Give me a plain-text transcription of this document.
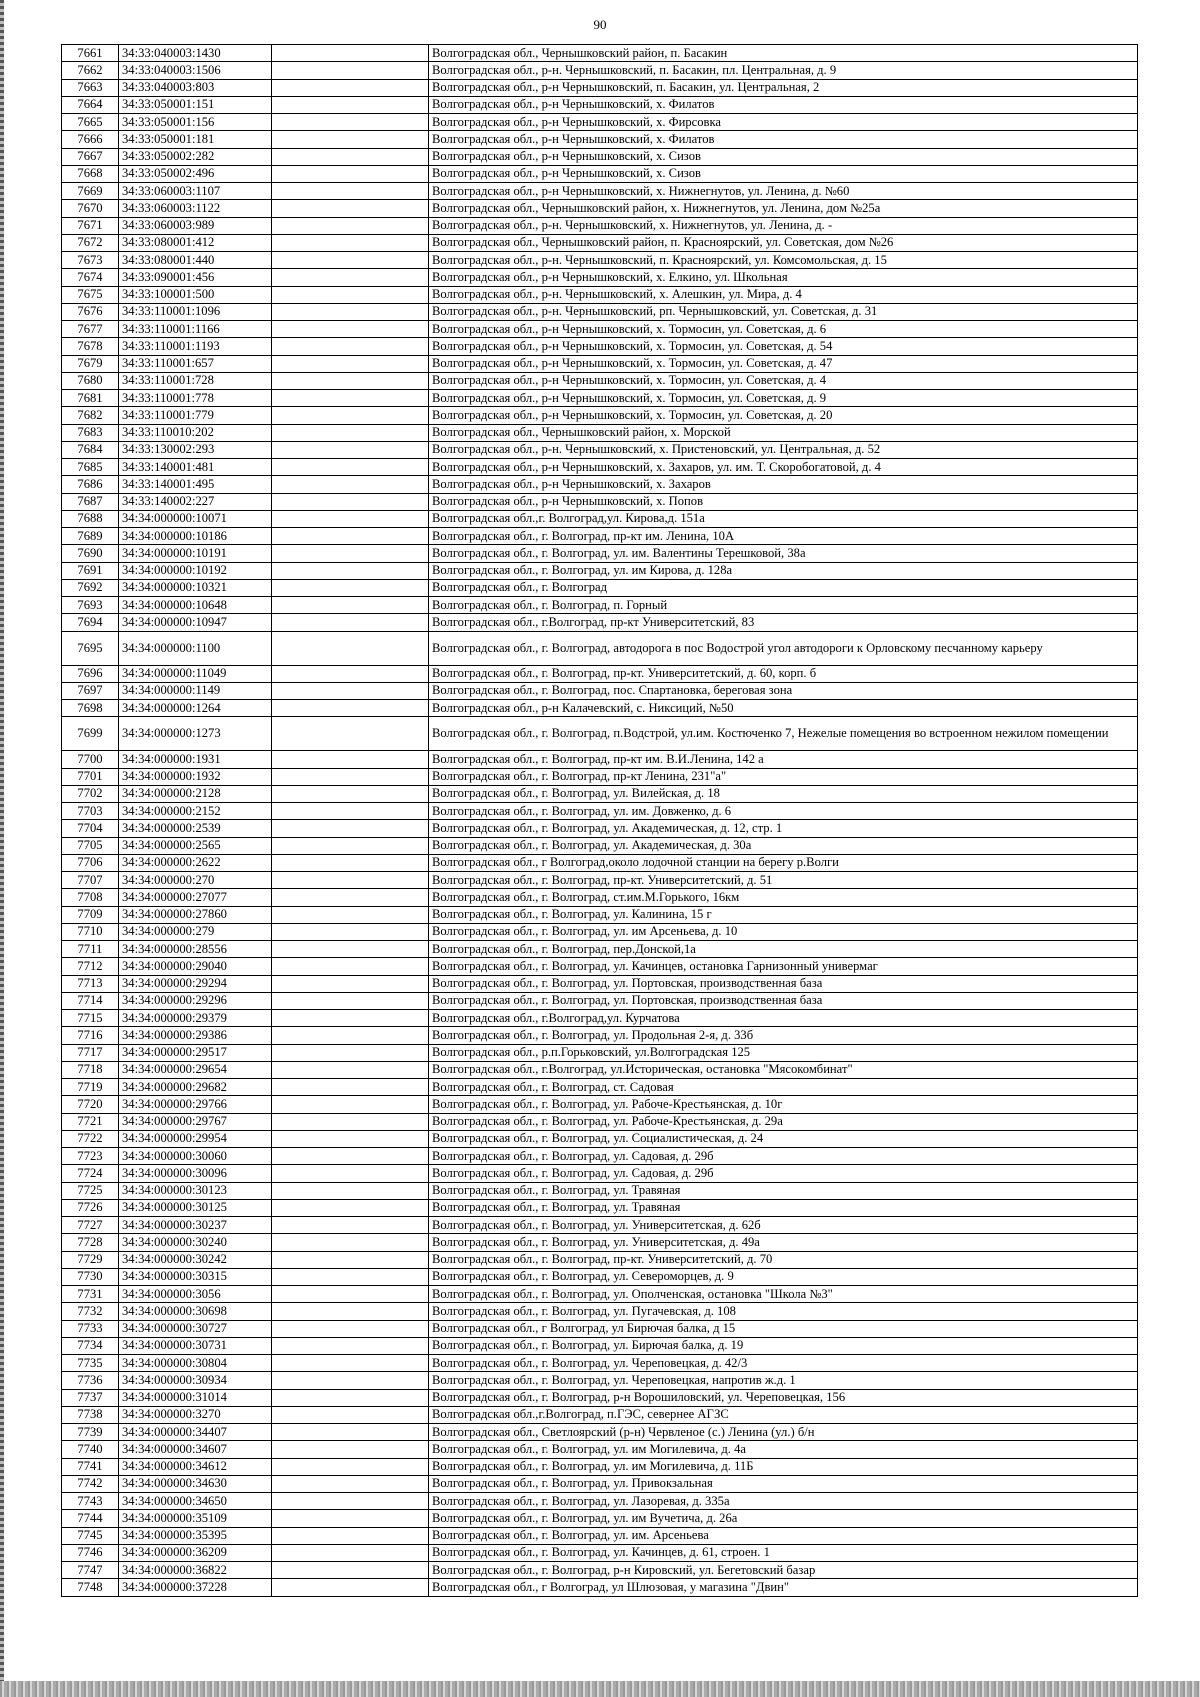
90
7661	34:33:040003:1430		Волгоградская обл., Чернышковский район, п. Басакин
7662	34:33:040003:1506		Волгоградская обл., р-н. Чернышковский, п. Басакин, пл. Центральная, д. 9
7663	34:33:040003:803		Волгоградская обл., р-н Чернышковский, п. Басакин, ул. Центральная, 2
7664	34:33:050001:151		Волгоградская обл., р-н Чернышковский, х. Филатов
7665	34:33:050001:156		Волгоградская обл., р-н Чернышковский, х. Фирсовка
7666	34:33:050001:181		Волгоградская обл., р-н Чернышковский, х. Филатов
7667	34:33:050002:282		Волгоградская обл., р-н Чернышковский, х. Сизов
7668	34:33:050002:496		Волгоградская обл., р-н Чернышковский, х. Сизов
7669	34:33:060003:1107		Волгоградская обл., р-н Чернышковский, х. Нижнегнутов, ул. Ленина, д. №60
7670	34:33:060003:1122		Волгоградская обл., Чернышковский район, х. Нижнегнутов, ул. Ленина, дом №25а
7671	34:33:060003:989		Волгоградская обл., р-н. Чернышковский, х. Нижнегнутов, ул. Ленина, д. -
7672	34:33:080001:412		Волгоградская обл., Чернышковский район, п. Красноярский, ул. Советская, дом №26
7673	34:33:080001:440		Волгоградская обл., р-н. Чернышковский, п. Красноярский, ул. Комсомольская, д. 15
7674	34:33:090001:456		Волгоградская обл., р-н Чернышковский, х. Елкино, ул. Школьная
7675	34:33:100001:500		Волгоградская обл., р-н. Чернышковский, х. Алешкин, ул. Мира, д. 4
7676	34:33:110001:1096		Волгоградская обл., р-н. Чернышковский, рп. Чернышковский, ул. Советская, д. 31
7677	34:33:110001:1166		Волгоградская обл., р-н Чернышковский, х. Тормосин, ул. Советская, д. 6
7678	34:33:110001:1193		Волгоградская обл., р-н Чернышковский, х. Тормосин, ул. Советская, д. 54
7679	34:33:110001:657		Волгоградская обл., р-н Чернышковский, х. Тормосин, ул. Советская, д. 47
7680	34:33:110001:728		Волгоградская обл., р-н Чернышковский, х. Тормосин, ул. Советская, д. 4
7681	34:33:110001:778		Волгоградская обл., р-н Чернышковский, х. Тормосин, ул. Советская, д. 9
7682	34:33:110001:779		Волгоградская обл., р-н Чернышковский, х. Тормосин, ул. Советская, д. 20
7683	34:33:110010:202		Волгоградская обл., Чернышковский район, х. Морской
7684	34:33:130002:293		Волгоградская обл., р-н. Чернышковский, х. Пристеновский, ул. Центральная, д. 52
7685	34:33:140001:481		Волгоградская обл., р-н Чернышковский, х. Захаров, ул. им. Т. Скоробогатовой, д. 4
7686	34:33:140001:495		Волгоградская обл., р-н Чернышковский, х. Захаров
7687	34:33:140002:227		Волгоградская обл., р-н Чернышковский, х. Попов
7688	34:34:000000:10071		Волгоградская обл.,г. Волгоград,ул. Кирова,д. 151а
7689	34:34:000000:10186		Волгоградская обл., г. Волгоград, пр-кт им. Ленина, 10А
7690	34:34:000000:10191		Волгоградская обл., г. Волгоград, ул. им. Валентины Терешковой, 38а
7691	34:34:000000:10192		Волгоградская обл., г. Волгоград, ул. им Кирова, д. 128а
7692	34:34:000000:10321		Волгоградская обл., г. Волгоград
7693	34:34:000000:10648		Волгоградская обл., г. Волгоград, п. Горный
7694	34:34:000000:10947		Волгоградская обл., г.Волгоград, пр-кт Университетский, 83
7695	34:34:000000:1100		Волгоградская обл., г. Волгоград, автодорога в пос Водострой угол автодороги к Орловскому песчанному карьеру
7696	34:34:000000:11049		Волгоградская обл., г. Волгоград, пр-кт. Университетский, д. 60, корп. б
7697	34:34:000000:1149		Волгоградская обл., г. Волгоград, пос. Спартановка, береговая зона
7698	34:34:000000:1264		Волгоградская обл., р-н Калачевский, с. Никсиций, №50
7699	34:34:000000:1273		Волгоградская обл., г. Волгоград, п.Водстрой, ул.им. Костюченко 7, Нежелые помещения во встроенном нежилом помещении
7700	34:34:000000:1931		Волгоградская обл., г. Волгоград, пр-кт им. В.И.Ленина, 142 а
7701	34:34:000000:1932		Волгоградская обл., г. Волгоград, пр-кт Ленина, 231"а"
7702	34:34:000000:2128		Волгоградская обл., г. Волгоград, ул. Вилейская, д. 18
7703	34:34:000000:2152		Волгоградская обл., г. Волгоград, ул. им. Довженко, д. 6
7704	34:34:000000:2539		Волгоградская обл., г. Волгоград, ул. Академическая, д. 12, стр. 1
7705	34:34:000000:2565		Волгоградская обл., г. Волгоград, ул. Академическая, д. 30а
7706	34:34:000000:2622		Волгоградская обл., г Волгоград,около лодочной станции на берегу р.Волги
7707	34:34:000000:270		Волгоградская обл., г. Волгоград, пр-кт. Университетский, д. 51
7708	34:34:000000:27077		Волгоградская обл., г. Волгоград, ст.им.М.Горького, 16км
7709	34:34:000000:27860		Волгоградская обл., г. Волгоград, ул. Калинина, 15 г
7710	34:34:000000:279		Волгоградская обл., г. Волгоград, ул. им Арсеньева, д. 10
7711	34:34:000000:28556		Волгоградская обл., г. Волгоград, пер.Донской,1а
7712	34:34:000000:29040		Волгоградская обл., г. Волгоград, ул. Качинцев, остановка Гарнизонный универмаг
7713	34:34:000000:29294		Волгоградская обл., г. Волгоград, ул. Портовская, производственная база
7714	34:34:000000:29296		Волгоградская обл., г. Волгоград, ул. Портовская, производственная база
7715	34:34:000000:29379		Волгоградская обл., г.Волгоград,ул. Курчатова
7716	34:34:000000:29386		Волгоградская обл., г. Волгоград, ул. Продольная 2-я, д. 33б
7717	34:34:000000:29517		Волгоградская обл., р.п.Горьковский, ул.Волгоградская 125
7718	34:34:000000:29654		Волгоградская обл., г.Волгоград, ул.Историческая, остановка "Мясокомбинат"
7719	34:34:000000:29682		Волгоградская обл., г. Волгоград, ст. Садовая
7720	34:34:000000:29766		Волгоградская обл., г. Волгоград, ул. Рабоче-Крестьянская, д. 10г
7721	34:34:000000:29767		Волгоградская обл., г. Волгоград, ул. Рабоче-Крестьянская, д. 29а
7722	34:34:000000:29954		Волгоградская обл., г. Волгоград, ул. Социалистическая, д. 24
7723	34:34:000000:30060		Волгоградская обл., г. Волгоград, ул. Садовая, д. 29б
7724	34:34:000000:30096		Волгоградская обл., г. Волгоград, ул. Садовая, д. 29б
7725	34:34:000000:30123		Волгоградская обл., г. Волгоград, ул. Травяная
7726	34:34:000000:30125		Волгоградская обл., г. Волгоград, ул. Травяная
7727	34:34:000000:30237		Волгоградская обл., г. Волгоград, ул. Университетская, д. 62б
7728	34:34:000000:30240		Волгоградская обл., г. Волгоград, ул. Университетская, д. 49а
7729	34:34:000000:30242		Волгоградская обл., г. Волгоград, пр-кт. Университетский, д. 70
7730	34:34:000000:30315		Волгоградская обл., г. Волгоград, ул. Североморцев, д. 9
7731	34:34:000000:3056		Волгоградская обл., г. Волгоград, ул. Ополченская, остановка "Школа №3"
7732	34:34:000000:30698		Волгоградская обл., г. Волгоград, ул. Пугачевская, д. 108
7733	34:34:000000:30727		Волгоградская обл., г Волгоград, ул Бирючая балка, д 15
7734	34:34:000000:30731		Волгоградская обл., г. Волгоград, ул. Бирючая балка, д. 19
7735	34:34:000000:30804		Волгоградская обл., г. Волгоград, ул. Череповецкая, д. 42/3
7736	34:34:000000:30934		Волгоградская обл., г. Волгоград, ул. Череповецкая, напротив ж.д. 1
7737	34:34:000000:31014		Волгоградская обл., г. Волгоград, р-н Ворошиловский, ул. Череповецкая, 156
7738	34:34:000000:3270		Волгоградская обл.,г.Волгоград, п.ГЭС, севернее АГЗС
7739	34:34:000000:34407		Волгоградская обл., Светлоярский (р-н) Червленое (с.) Ленина (ул.) б/н
7740	34:34:000000:34607		Волгоградская обл., г. Волгоград, ул. им Могилевича, д. 4а
7741	34:34:000000:34612		Волгоградская обл., г. Волгоград, ул. им Могилевича, д. 11Б
7742	34:34:000000:34630		Волгоградская обл., г. Волгоград, ул. Привокзальная
7743	34:34:000000:34650		Волгоградская обл., г. Волгоград, ул. Лазоревая, д. 335а
7744	34:34:000000:35109		Волгоградская обл., г. Волгоград, ул. им Вучетича, д. 26а
7745	34:34:000000:35395		Волгоградская обл., г. Волгоград, ул. им. Арсеньева
7746	34:34:000000:36209		Волгоградская обл., г. Волгоград, ул. Качинцев, д. 61, строен. 1
7747	34:34:000000:36822		Волгоградская обл., г. Волгоград, р-н Кировский, ул. Бегетовский базар
7748	34:34:000000:37228		Волгоградская обл., г Волгоград, ул Шлюзовая, у магазина "Двин"
